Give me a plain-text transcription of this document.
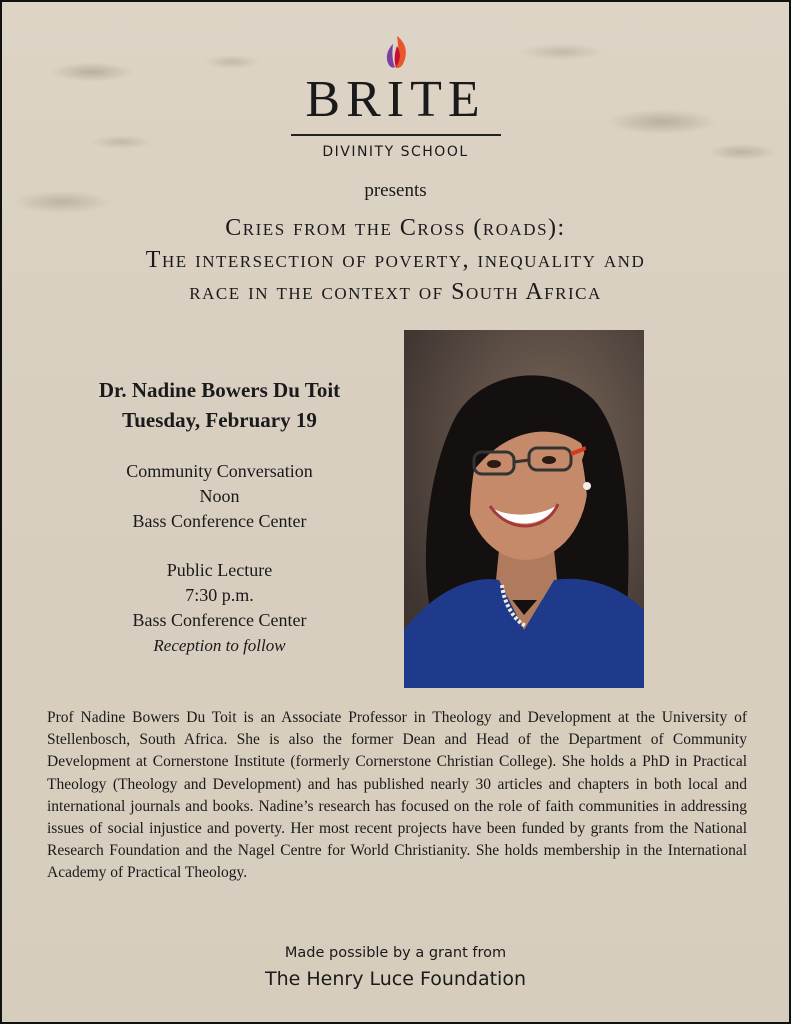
BRITE
DIVINITY SCHOOL
presents
Cries from the Cross (roads):
The intersection of poverty, inequality and
race in the context of South Africa
Dr. Nadine Bowers Du Toit
Tuesday, February 19
Community Conversation
Noon
Bass Conference Center
Public Lecture
7:30 p.m.
Bass Conference Center
Reception to follow
Prof Nadine Bowers Du Toit is an Associate Professor in Theology and Development at the University of Stellenbosch, South Africa. She is also the former Dean and Head of the Department of Community Development at Cornerstone Institute (formerly Cornerstone Christian College). She holds a PhD in Practical Theology (Theology and Development) and has published nearly 30 articles and chapters in both local and international journals and books. Nadine’s research has focused on the role of faith communities in addressing issues of social injustice and poverty. Her most recent projects have been funded by grants from the National Research Foundation and the Nagel Centre for World Christianity. She holds membership in the International Academy of Practical Theology.
Made possible by a grant from
The Henry Luce Foundation
